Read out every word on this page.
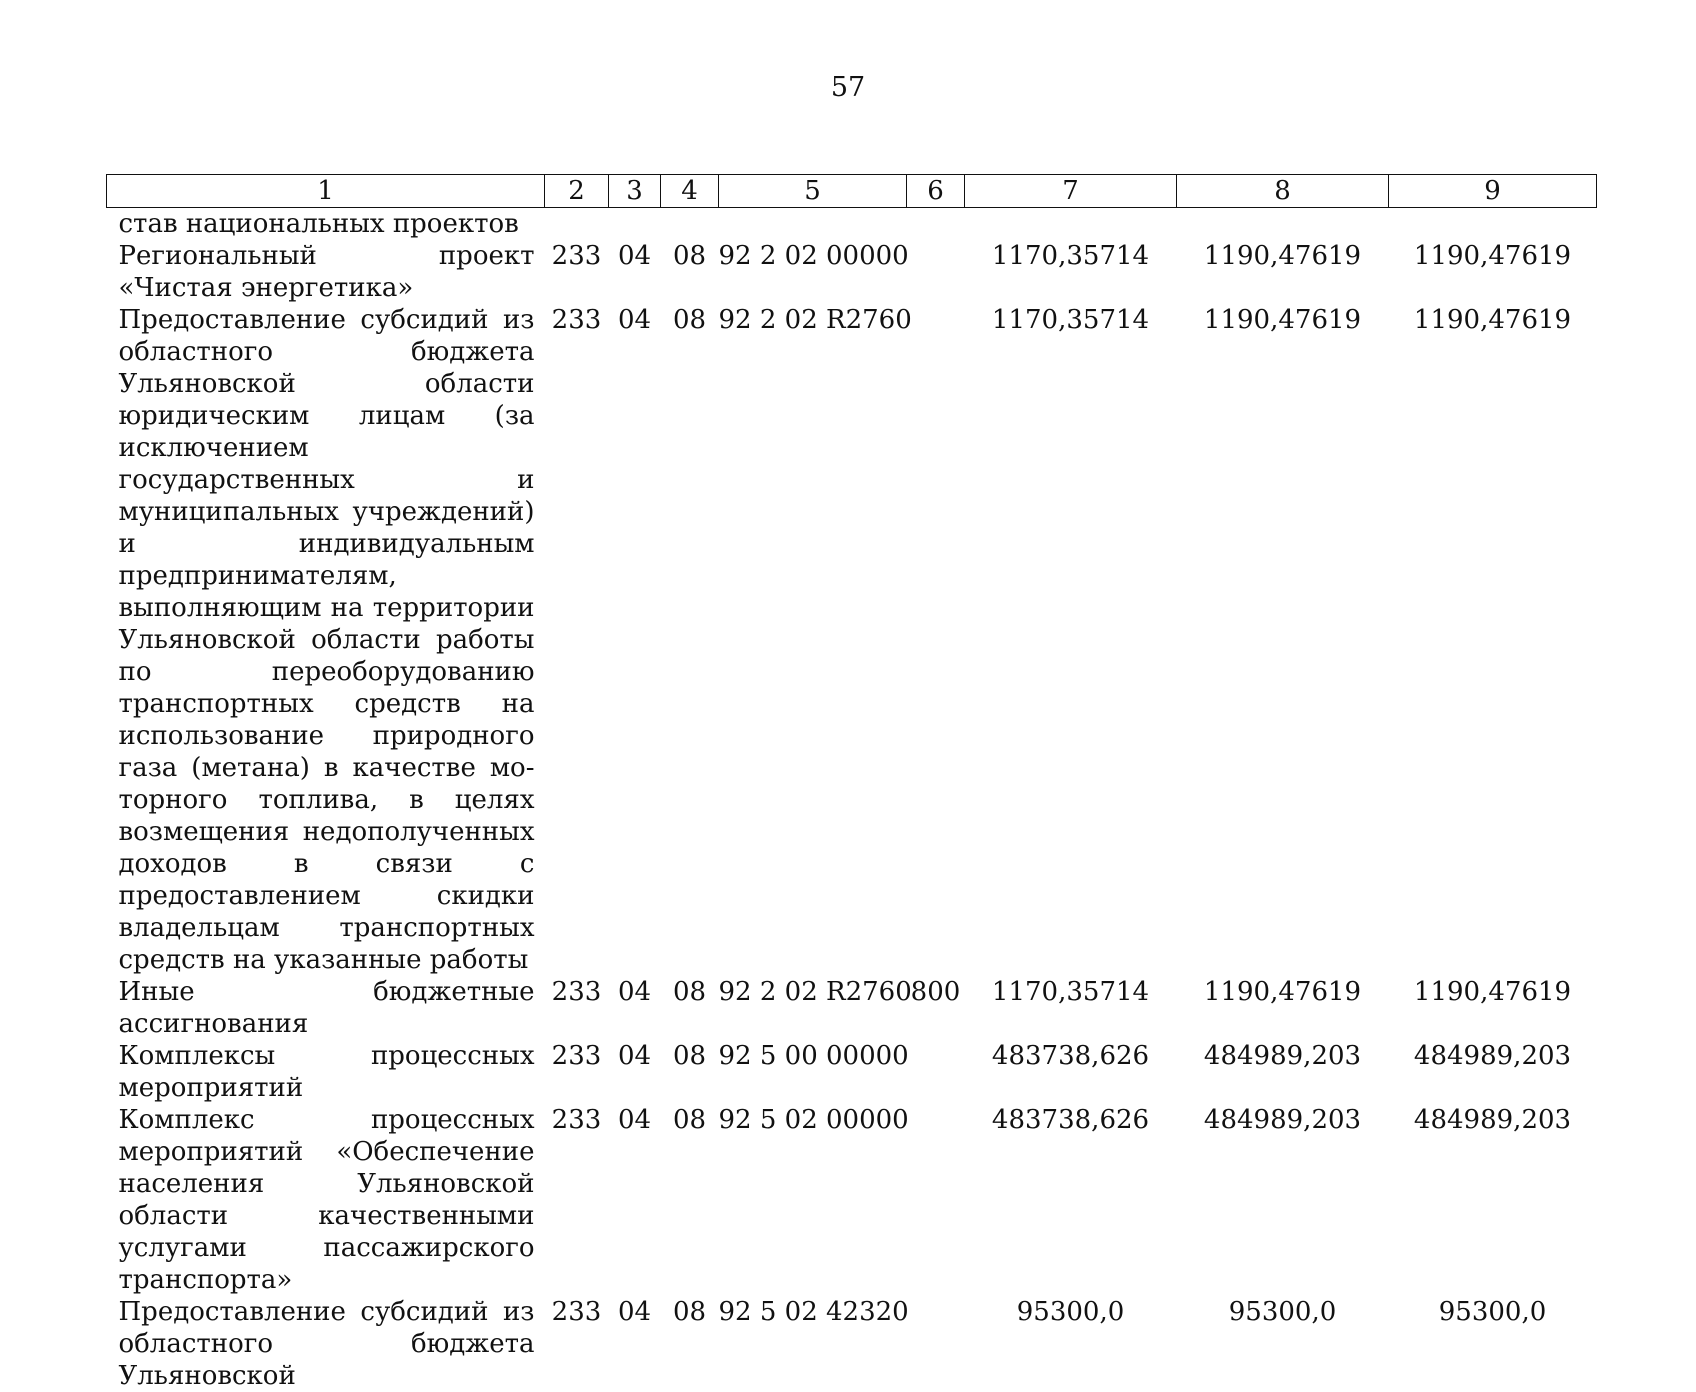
57
1	2	3	4	5	6	7	8	9
став национальных проектов								
Региональный проект «Чистая энергетика»	233	04	08	92 2 02 00000		1170,35714	1190,47619	1190,47619
Предоставление субсидий из областного бюджета Ульяновской области юридическим лицам (за исключением государственных и муниципальных учреждений) и индивидуальным предпринимателям, выполняющим на территории Ульяновской области работы по переоборудованию транспортных средств на использование природного газа (метана) в качестве моторного топлива, в целях возмещения недополученных доходов в связи с предоставлением скидки владельцам транспортных средств на указанные работы	233	04	08	92 2 02 R2760		1170,35714	1190,47619	1190,47619
Иные бюджетные ассигнования	233	04	08	92 2 02 R2760	800	1170,35714	1190,47619	1190,47619
Комплексы процессных мероприятий	233	04	08	92 5 00 00000		483738,626	484989,203	484989,203
Комплекс процессных мероприятий «Обеспечение населения Ульяновской области качественными услугами пассажирского транспорта»	233	04	08	92 5 02 00000		483738,626	484989,203	484989,203
Предоставление субсидий из областного бюджета Ульяновской	233	04	08	92 5 02 42320		95300,0	95300,0	95300,0
